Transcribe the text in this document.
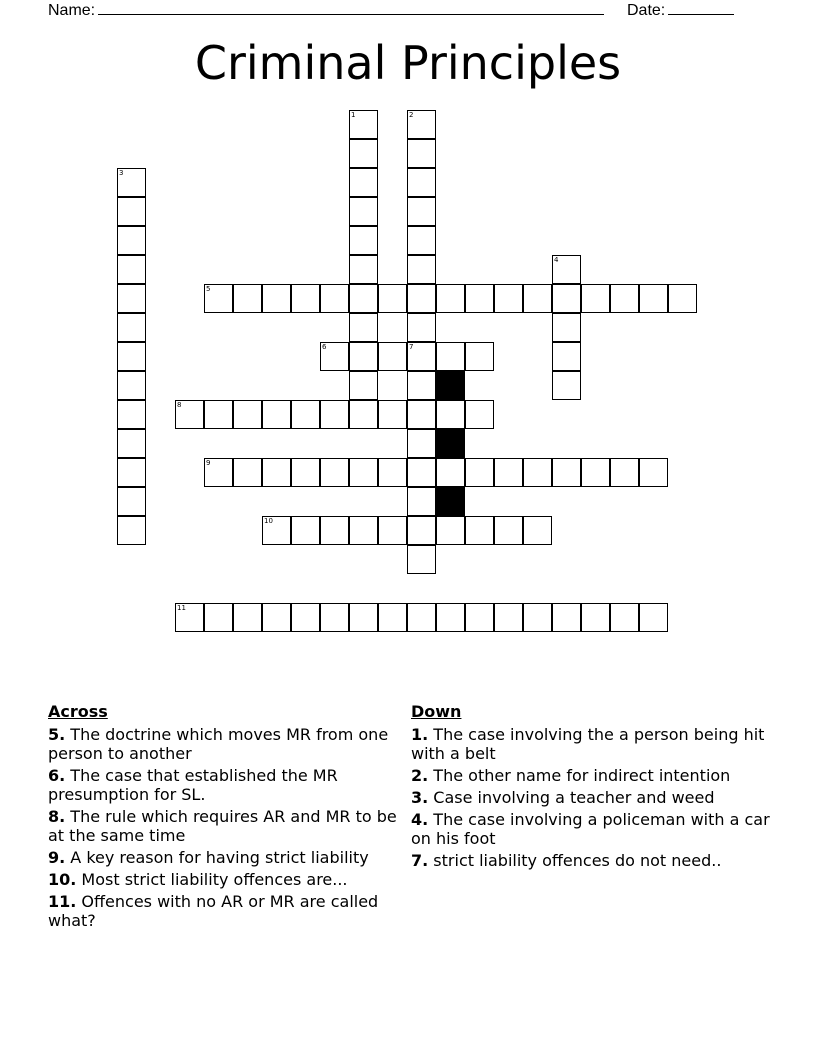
Name:	Date:
Criminal Principles
1	2
7
3
4
5
6
8
9
10
11
Across
5. The doctrine which moves MR from one person to another
6. The case that established the MR presumption for SL.
8. The rule which requires AR and MR to be at the same time
9. A key reason for having strict liability
10. Most strict liability offences are...
11. Offences with no AR or MR are called what?
Down
1. The case involving the a person being hit with a belt
2. The other name for indirect intention
3. Case involving a teacher and weed
4. The case involving a policeman with a car on his foot
7. strict liability offences do not need..
